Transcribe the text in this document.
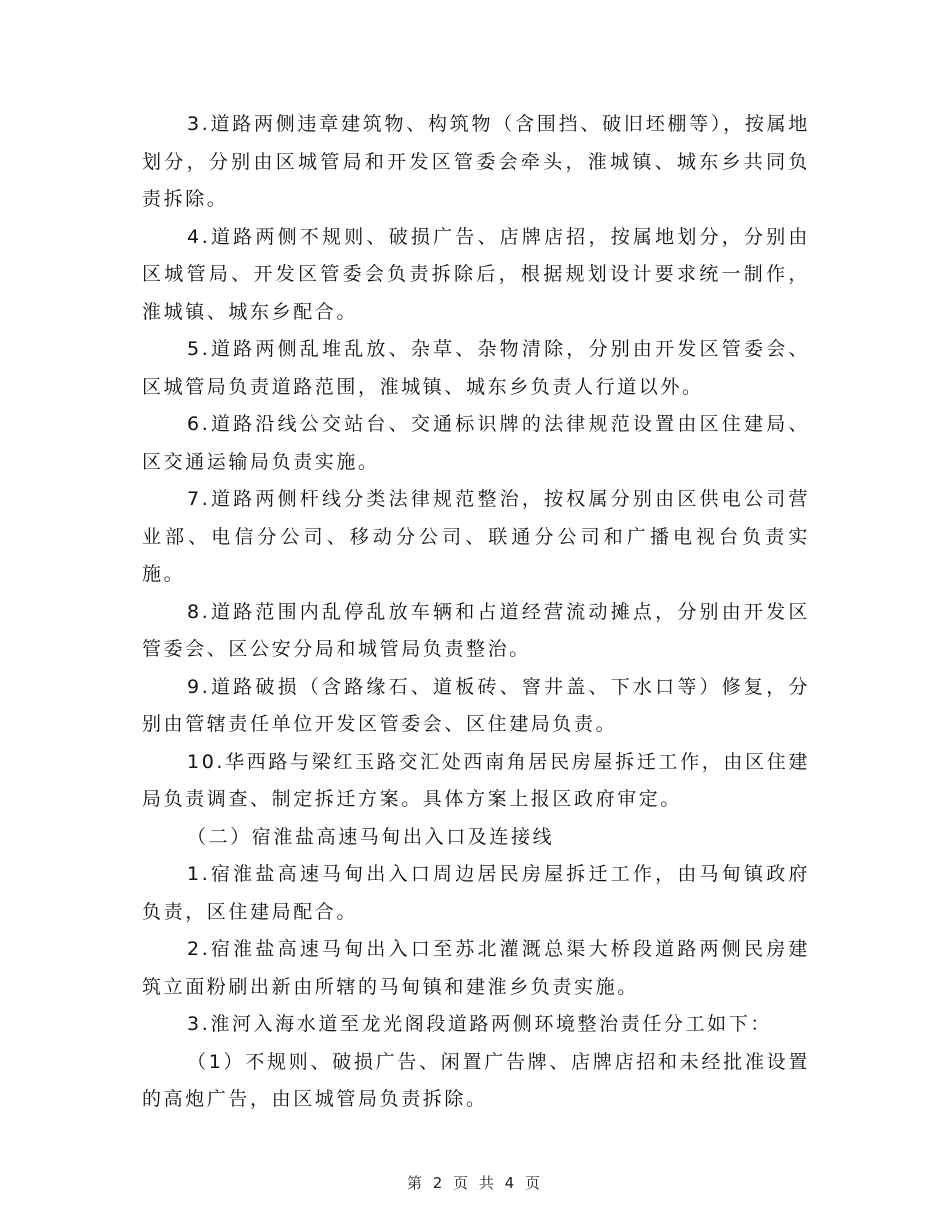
3.道路两侧违章建筑物、构筑物（含围挡、破旧坯棚等），按属地划分，分别由区城管局和开发区管委会牵头，淮城镇、城东乡共同负责拆除。

4.道路两侧不规则、破损广告、店牌店招，按属地划分，分别由区城管局、开发区管委会负责拆除后，根据规划设计要求统一制作，淮城镇、城东乡配合。

5.道路两侧乱堆乱放、杂草、杂物清除，分别由开发区管委会、区城管局负责道路范围，淮城镇、城东乡负责人行道以外。

6.道路沿线公交站台、交通标识牌的法律规范设置由区住建局、区交通运输局负责实施。

7.道路两侧杆线分类法律规范整治，按权属分别由区供电公司营业部、电信分公司、移动分公司、联通分公司和广播电视台负责实施。

8.道路范围内乱停乱放车辆和占道经营流动摊点，分别由开发区管委会、区公安分局和城管局负责整治。

9.道路破损（含路缘石、道板砖、窨井盖、下水口等）修复，分别由管辖责任单位开发区管委会、区住建局负责。

10.华西路与梁红玉路交汇处西南角居民房屋拆迁工作，由区住建局负责调查、制定拆迁方案。具体方案上报区政府审定。

（二）宿淮盐高速马甸出入口及连接线

1.宿淮盐高速马甸出入口周边居民房屋拆迁工作，由马甸镇政府负责，区住建局配合。

2.宿淮盐高速马甸出入口至苏北灌溉总渠大桥段道路两侧民房建筑立面粉刷出新由所辖的马甸镇和建淮乡负责实施。

3.淮河入海水道至龙光阁段道路两侧环境整治责任分工如下：

（1）不规则、破损广告、闲置广告牌、店牌店招和未经批准设置的高炮广告，由区城管局负责拆除。

第 2 页 共 4 页
